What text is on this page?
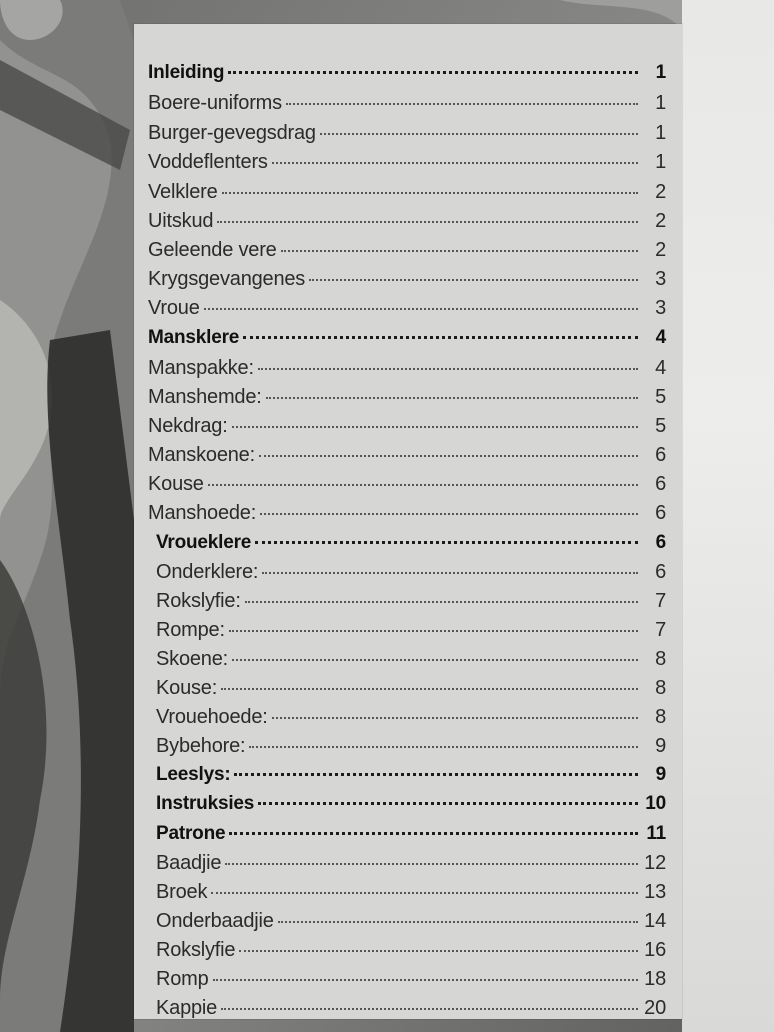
Inleiding	1
Boere-uniforms	1
Burger-gevegsdrag	1
Voddeflenters	1
Velklere	2
Uitskud	2
Geleende vere	2
Krygsgevangenes	3
Vroue	3
Mansklere	4
Manspakke:	4
Manshemde:	5
Nekdrag:	5
Manskoene:	6
Kouse	6
Manshoede:	6
Vroueklere	6
Onderklere:	6
Rokslyfie:	7
Rompe:	7
Skoene:	8
Kouse:	8
Vrouehoede:	8
Bybehore:	9
Leeslys:	9
Instruksies	10
Patrone	11
Baadjie	12
Broek	13
Onderbaadjie	14
Rokslyfie	16
Romp	18
Kappie	20
